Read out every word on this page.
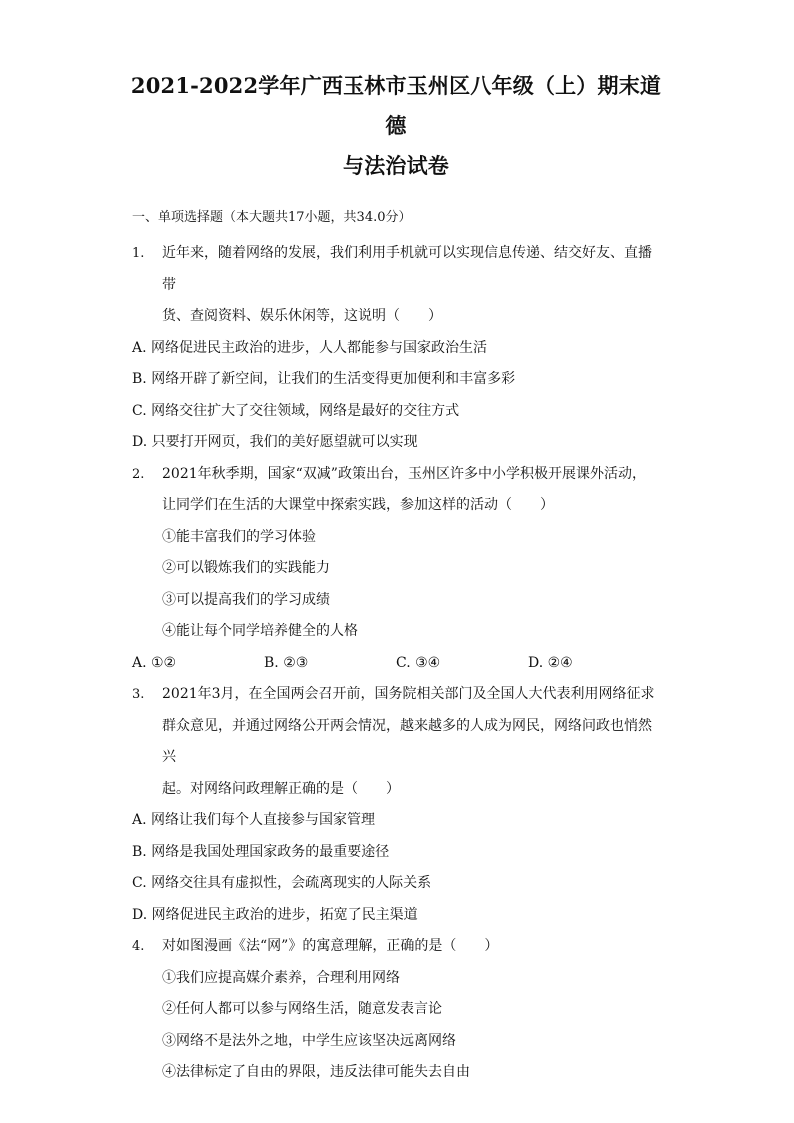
2021-2022学年广西玉林市玉州区八年级（上）期末道德
与法治试卷
一、单项选择题（本大题共17小题，共34.0分）
1. 近年来，随着网络的发展，我们利用手机就可以实现信息传递、结交好友、直播带
货、查阅资料、娱乐休闲等，这说明（　　）
A. 网络促进民主政治的进步，人人都能参与国家政治生活
B. 网络开辟了新空间，让我们的生活变得更加便利和丰富多彩
C. 网络交往扩大了交往领域，网络是最好的交往方式
D. 只要打开网页，我们的美好愿望就可以实现
2. 2021年秋季期，国家“双减”政策出台，玉州区许多中小学积极开展课外活动，
让同学们在生活的大课堂中探索实践，参加这样的活动（　　）
①能丰富我们的学习体验
②可以锻炼我们的实践能力
③可以提高我们的学习成绩
④能让每个同学培养健全的人格
A. ①②	B. ②③	C. ③④	D. ②④
3. 2021年3月，在全国两会召开前，国务院相关部门及全国人大代表利用网络征求
群众意见，并通过网络公开两会情况，越来越多的人成为网民，网络问政也悄然兴
起。对网络问政理解正确的是（　　）
A. 网络让我们每个人直接参与国家管理
B. 网络是我国处理国家政务的最重要途径
C. 网络交往具有虚拟性，会疏离现实的人际关系
D. 网络促进民主政治的进步，拓宽了民主渠道
4. 对如图漫画《法“网”》的寓意理解，正确的是（　　）
①我们应提高媒介素养，合理利用网络
②任何人都可以参与网络生活，随意发表言论
③网络不是法外之地，中学生应该坚决远离网络
④法律标定了自由的界限，违反法律可能失去自由
